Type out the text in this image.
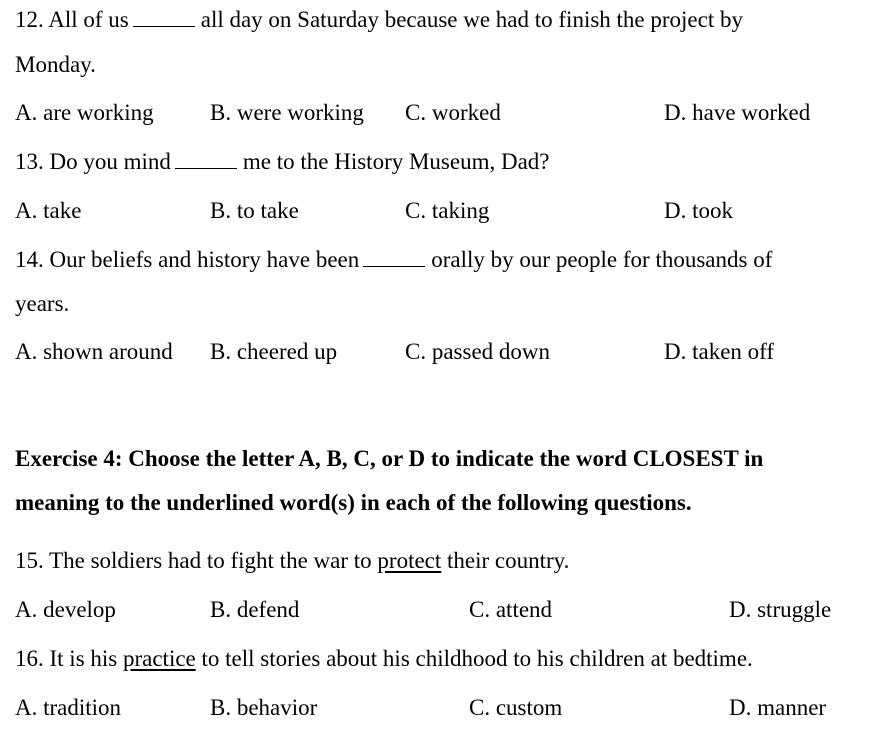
12. All of us	all day on Saturday because we had to finish the project by
Monday.
A. are working B. were working C. worked	D. have worked
13. Do you mind	me to the History Museum, Dad?
A. take	B. to take	C. taking	D. took
14. Our beliefs and history have been	orally by our people for thousands of
years.
A. shown around B. cheered up	C. passed down	D. taken off
Exercise 4: Choose the letter A, B, C, or D to indicate the word CLOSEST in
meaning to the underlined word(s) in each of the following questions.
15. The soldiers had to fight the war to protect their country.
A. develop	B. defend	C. attend	D. struggle
16. It is his practice to tell stories about his childhood to his children at bedtime.
A. tradition	B. behavior	C. custom	D. manner
